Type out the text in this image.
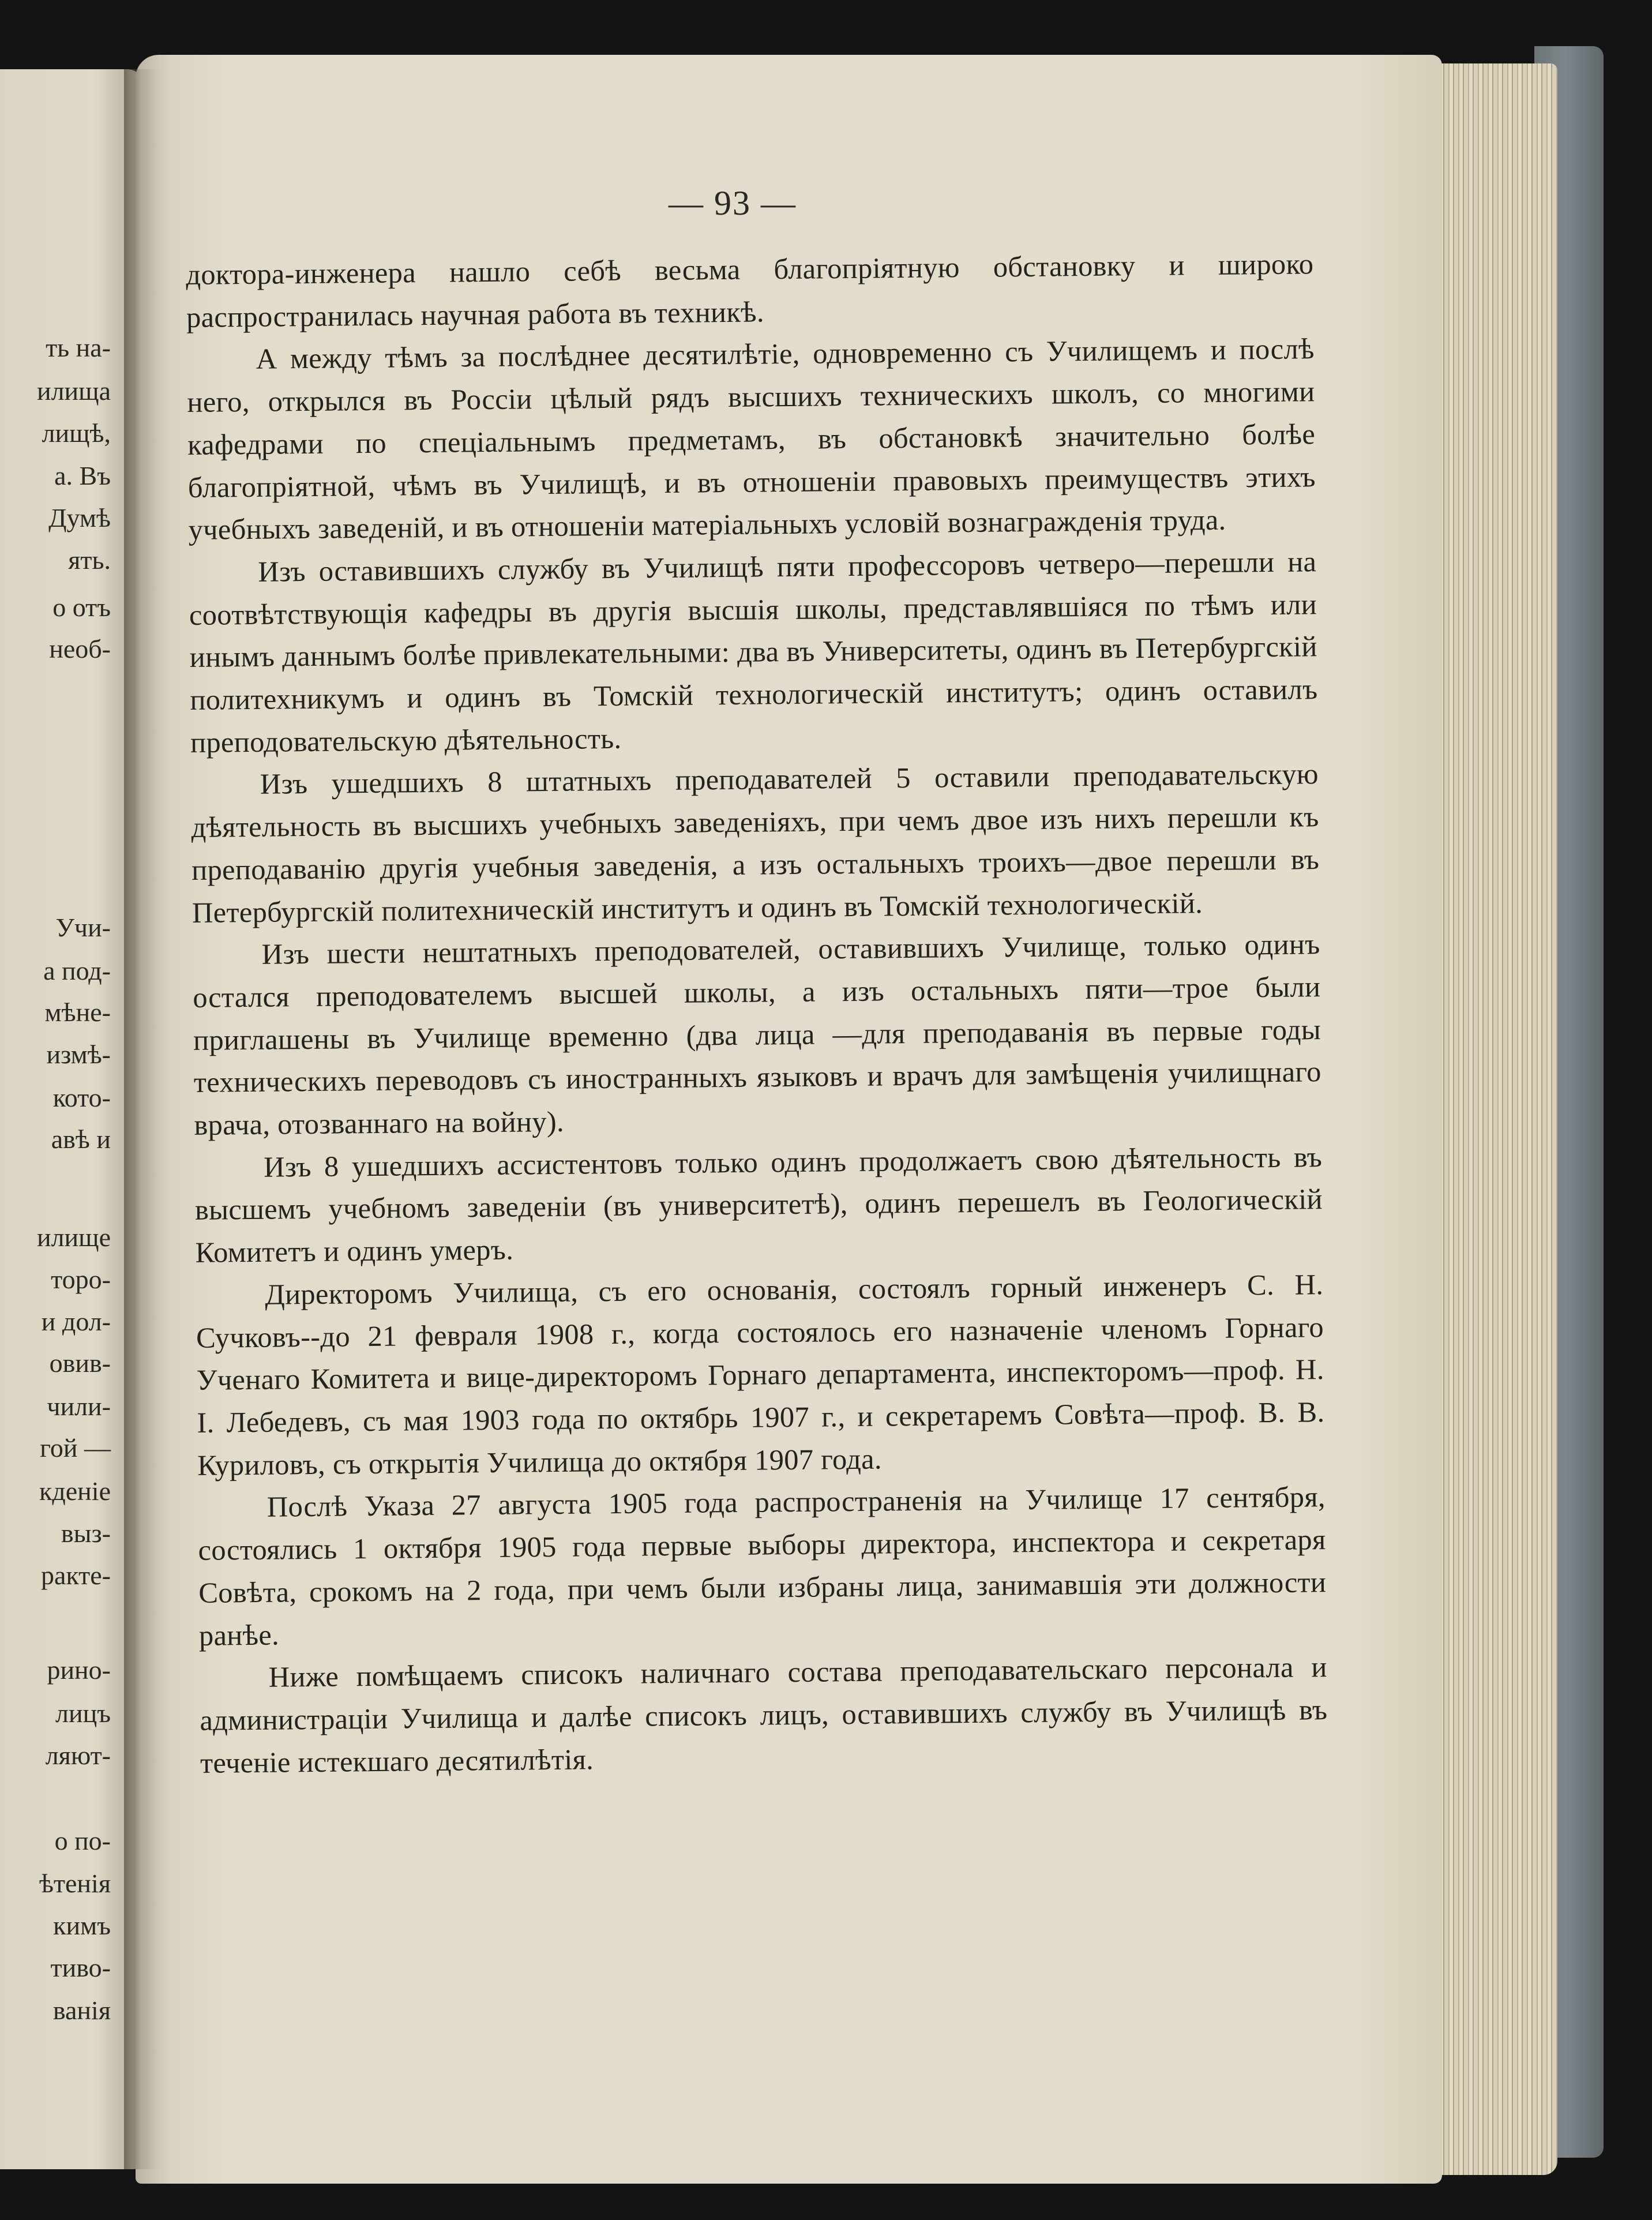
ть на-
илища
лищѣ,
а. Въ
Думѣ
ять.
о отъ
необ-
Учи-
а под-
мѣне-
измѣ-
кото-
авѣ и
илище
торо-
и дол-
овив-
чили-
гой —
кденіе
выз-
ракте-
рино-
лицъ
ляют-
о по-
ѣтенія
кимъ
тиво-
ванія
— 93 —

доктора-инженера нашло себѣ весьма благопріятную обстановку и широко распространилась научная работа въ техникѣ.

А между тѣмъ за послѣднее десятилѣтіе, одновременно съ Училищемъ и послѣ него, открылся въ Россіи цѣлый рядъ высшихъ техническихъ школъ, со многими кафедрами по спеціальнымъ предметамъ, въ обстановкѣ значительно болѣе благопріятной, чѣмъ въ Училищѣ, и въ отношеніи правовыхъ преимуществъ этихъ учебныхъ заведеній, и въ отношеніи матеріальныхъ условій вознагражденія труда.

Изъ оставившихъ службу въ Училищѣ пяти профессоровъ четверо—перешли на соотвѣтствующія кафедры въ другія высшія школы, представлявшіяся по тѣмъ или инымъ даннымъ болѣе привлекательными: два въ Университеты, одинъ въ Петербургскій политехникумъ и одинъ въ Томскій технологическій институтъ; одинъ оставилъ преподовательскую дѣятельность.

Изъ ушедшихъ 8 штатныхъ преподавателей 5 оставили преподавательскую дѣятельность въ высшихъ учебныхъ заведеніяхъ, при чемъ двое изъ нихъ перешли къ преподаванію другія учебныя заведенія, а изъ остальныхъ троихъ—двое перешли въ Петербургскій политехническій институтъ и одинъ въ Томскій технологическій.

Изъ шести нештатныхъ преподователей, оставившихъ Училище, только одинъ остался преподователемъ высшей школы, а изъ остальныхъ пяти—трое были приглашены въ Училище временно (два лица —для преподаванія въ первые годы техническихъ переводовъ съ иностранныхъ языковъ и врачъ для замѣщенія училищнаго врача, отозваннаго на войну).

Изъ 8 ушедшихъ ассистентовъ только одинъ продолжаетъ свою дѣятельность въ высшемъ учебномъ заведеніи (въ университетѣ), одинъ перешелъ въ Геологическій Комитетъ и одинъ умеръ.

Директоромъ Училища, съ его основанія, состоялъ горный инженеръ С. Н. Сучковъ--до 21 февраля 1908 г., когда состоялось его назначеніе членомъ Горнаго Ученаго Комитета и вице-директоромъ Горнаго департамента, инспекторомъ—проф. Н. І. Лебедевъ, съ мая 1903 года по октябрь 1907 г., и секретаремъ Совѣта—проф. В. В. Куриловъ, съ открытія Училища до октября 1907 года.

Послѣ Указа 27 августа 1905 года распространенія на Училище 17 сентября, состоялись 1 октября 1905 года первые выборы директора, инспектора и секретаря Совѣта, срокомъ на 2 года, при чемъ были избраны лица, занимавшія эти должности ранѣе.

Ниже помѣщаемъ списокъ наличнаго состава преподавательскаго персонала и администраціи Училища и далѣе списокъ лицъ, оставившихъ службу въ Училищѣ въ теченіе истекшаго десятилѣтія.
